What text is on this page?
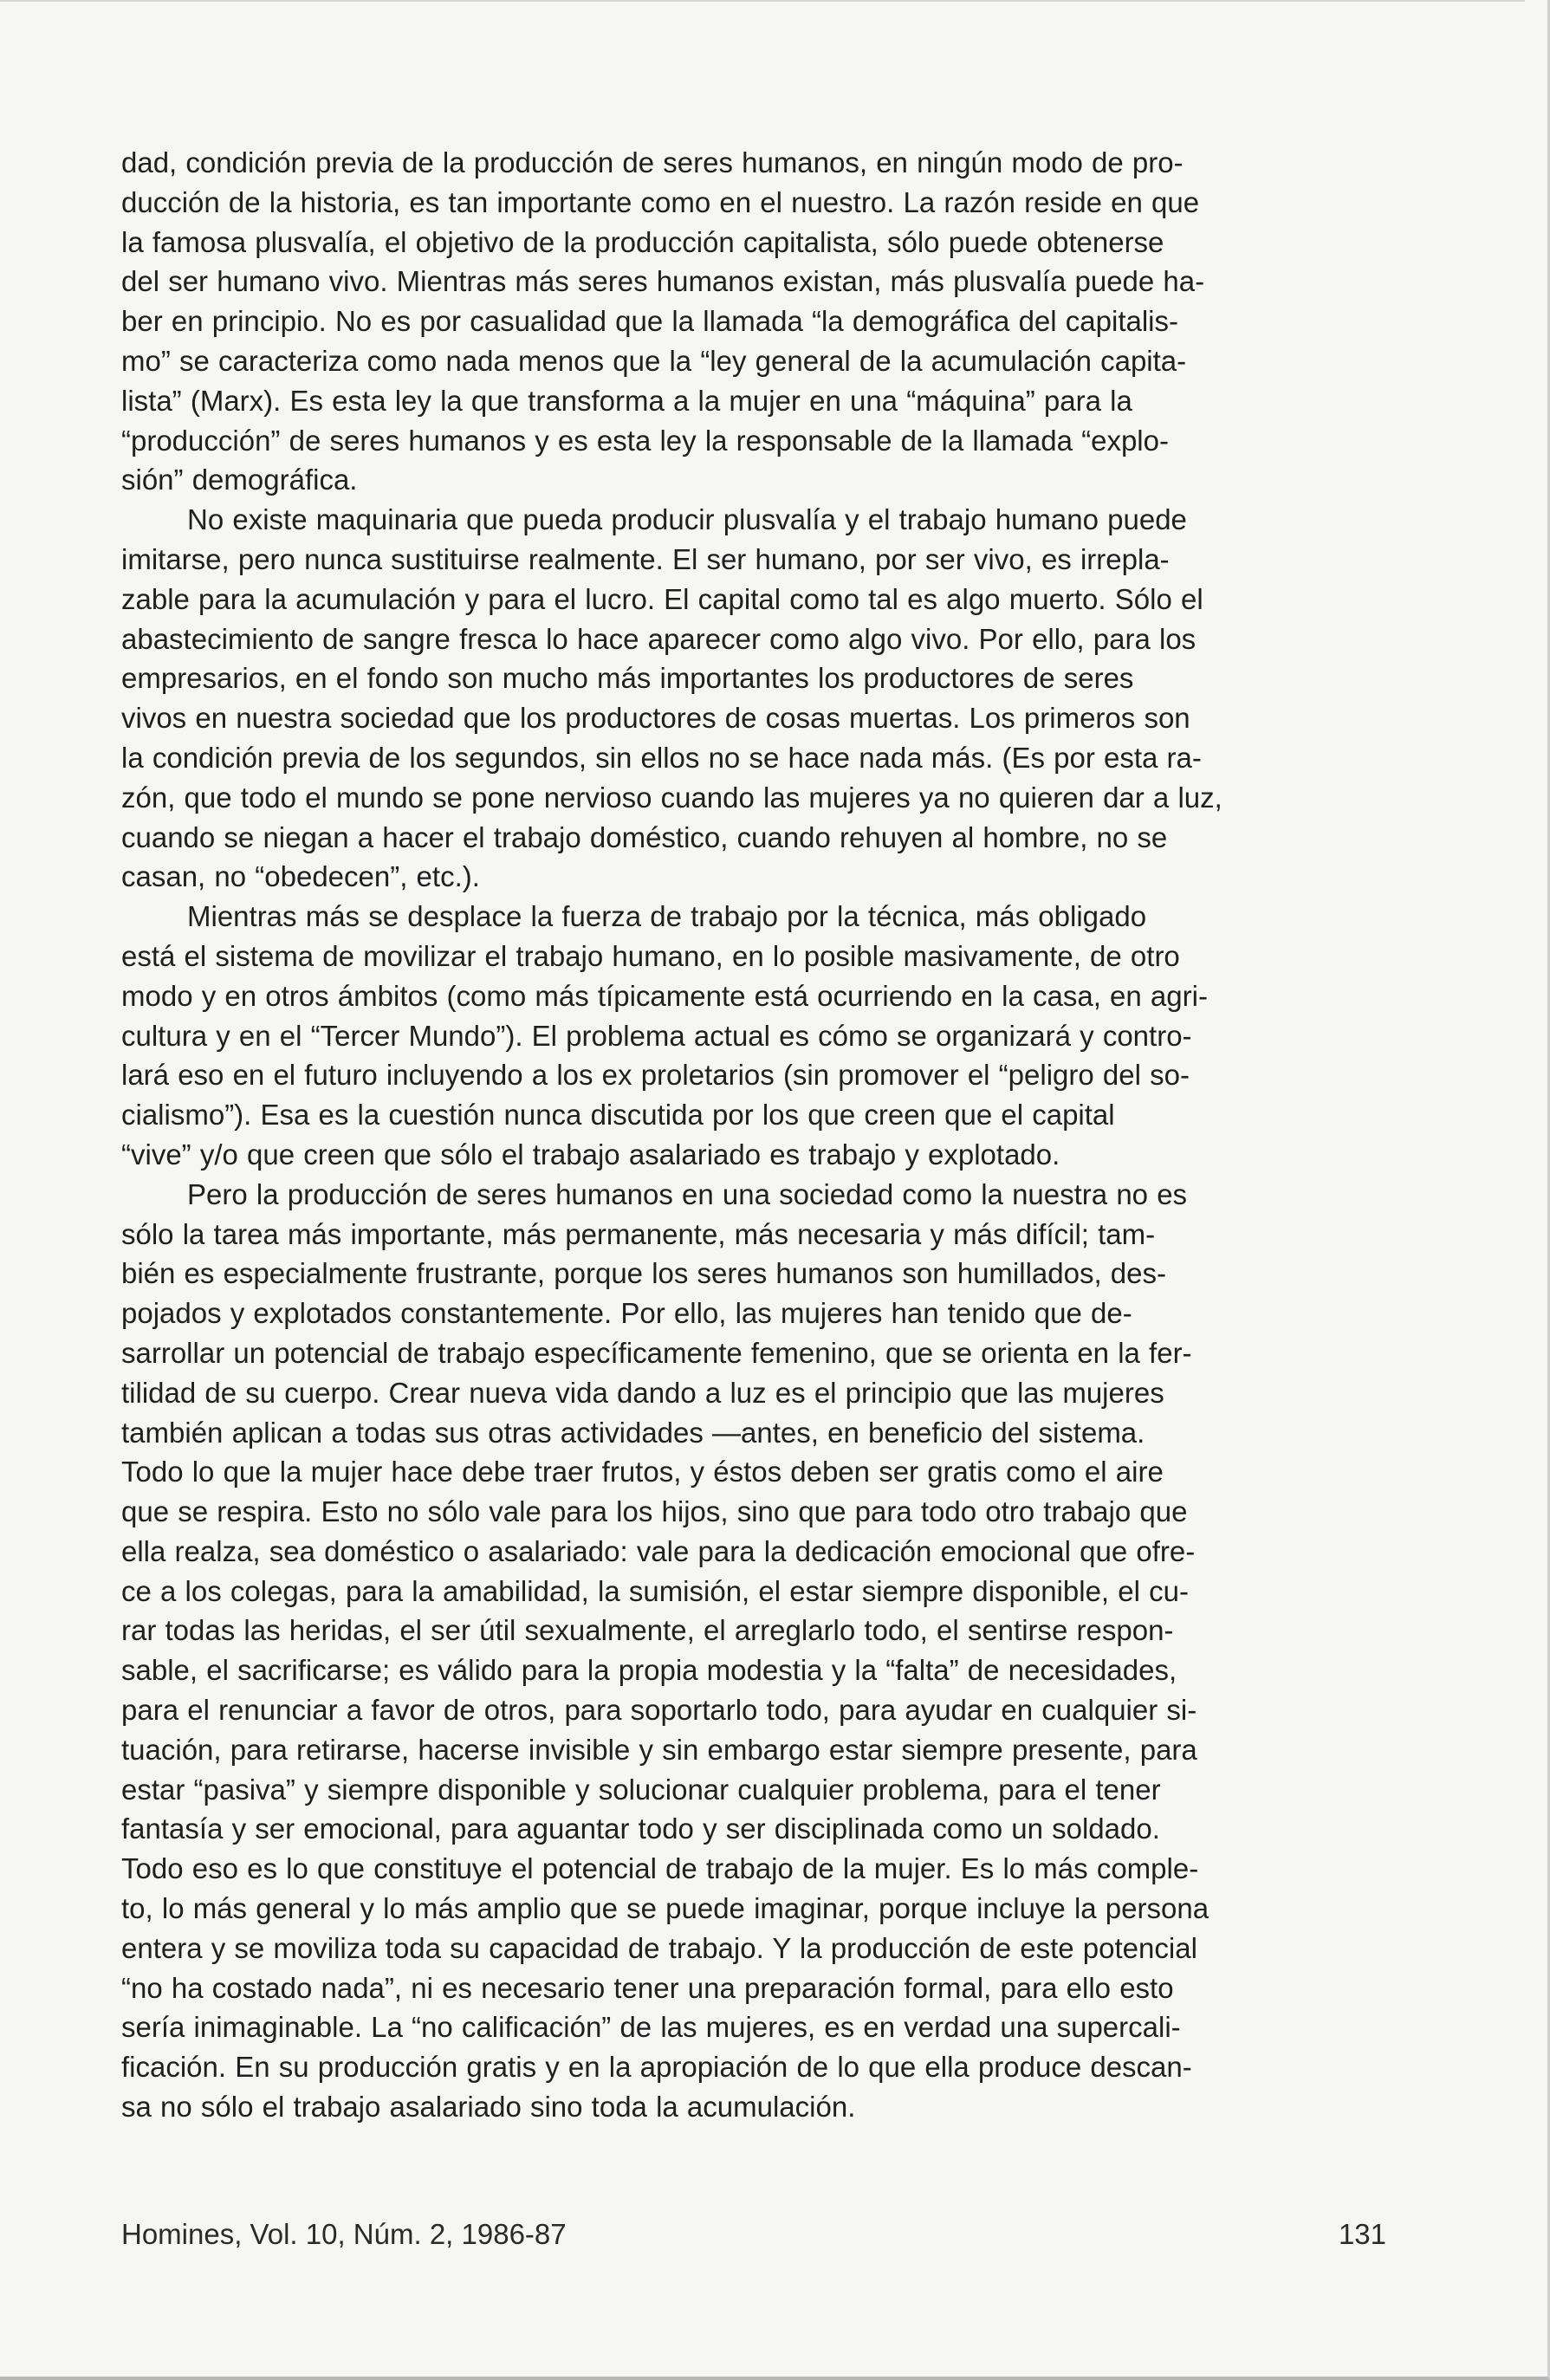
dad, condición previa de la producción de seres humanos, en ningún modo de pro-
ducción de la historia, es tan importante como en el nuestro. La razón reside en que
la famosa plusvalía, el objetivo de la producción capitalista, sólo puede obtenerse
del ser humano vivo. Mientras más seres humanos existan, más plusvalía puede ha-
ber en principio. No es por casualidad que la llamada “la demográfica del capitalis-
mo” se caracteriza como nada menos que la “ley general de la acumulación capita-
lista” (Marx). Es esta ley la que transforma a la mujer en una “máquina” para la
“producción” de seres humanos y es esta ley la responsable de la llamada “explo-
sión” demográfica.

No existe maquinaria que pueda producir plusvalía y el trabajo humano puede
imitarse, pero nunca sustituirse realmente. El ser humano, por ser vivo, es irrepla-
zable para la acumulación y para el lucro. El capital como tal es algo muerto. Sólo el
abastecimiento de sangre fresca lo hace aparecer como algo vivo. Por ello, para los
empresarios, en el fondo son mucho más importantes los productores de seres
vivos en nuestra sociedad que los productores de cosas muertas. Los primeros son
la condición previa de los segundos, sin ellos no se hace nada más. (Es por esta ra-
zón, que todo el mundo se pone nervioso cuando las mujeres ya no quieren dar a luz,
cuando se niegan a hacer el trabajo doméstico, cuando rehuyen al hombre, no se
casan, no “obedecen”, etc.).

Mientras más se desplace la fuerza de trabajo por la técnica, más obligado
está el sistema de movilizar el trabajo humano, en lo posible masivamente, de otro
modo y en otros ámbitos (como más típicamente está ocurriendo en la casa, en agri-
cultura y en el “Tercer Mundo”). El problema actual es cómo se organizará y contro-
lará eso en el futuro incluyendo a los ex proletarios (sin promover el “peligro del so-
cialismo”). Esa es la cuestión nunca discutida por los que creen que el capital
“vive” y/o que creen que sólo el trabajo asalariado es trabajo y explotado.

Pero la producción de seres humanos en una sociedad como la nuestra no es
sólo la tarea más importante, más permanente, más necesaria y más difícil; tam-
bién es especialmente frustrante, porque los seres humanos son humillados, des-
pojados y explotados constantemente. Por ello, las mujeres han tenido que de-
sarrollar un potencial de trabajo específicamente femenino, que se orienta en la fer-
tilidad de su cuerpo. Crear nueva vida dando a luz es el principio que las mujeres
también aplican a todas sus otras actividades —antes, en beneficio del sistema.
Todo lo que la mujer hace debe traer frutos, y éstos deben ser gratis como el aire
que se respira. Esto no sólo vale para los hijos, sino que para todo otro trabajo que
ella realza, sea doméstico o asalariado: vale para la dedicación emocional que ofre-
ce a los colegas, para la amabilidad, la sumisión, el estar siempre disponible, el cu-
rar todas las heridas, el ser útil sexualmente, el arreglarlo todo, el sentirse respon-
sable, el sacrificarse; es válido para la propia modestia y la “falta” de necesidades,
para el renunciar a favor de otros, para soportarlo todo, para ayudar en cualquier si-
tuación, para retirarse, hacerse invisible y sin embargo estar siempre presente, para
estar “pasiva” y siempre disponible y solucionar cualquier problema, para el tener
fantasía y ser emocional, para aguantar todo y ser disciplinada como un soldado.
Todo eso es lo que constituye el potencial de trabajo de la mujer. Es lo más comple-
to, lo más general y lo más amplio que se puede imaginar, porque incluye la persona
entera y se moviliza toda su capacidad de trabajo. Y la producción de este potencial
“no ha costado nada”, ni es necesario tener una preparación formal, para ello esto
sería inimaginable. La “no calificación” de las mujeres, es en verdad una supercali-
ficación. En su producción gratis y en la apropiación de lo que ella produce descan-
sa no sólo el trabajo asalariado sino toda la acumulación.

Homines, Vol. 10, Núm. 2, 1986-87	131
